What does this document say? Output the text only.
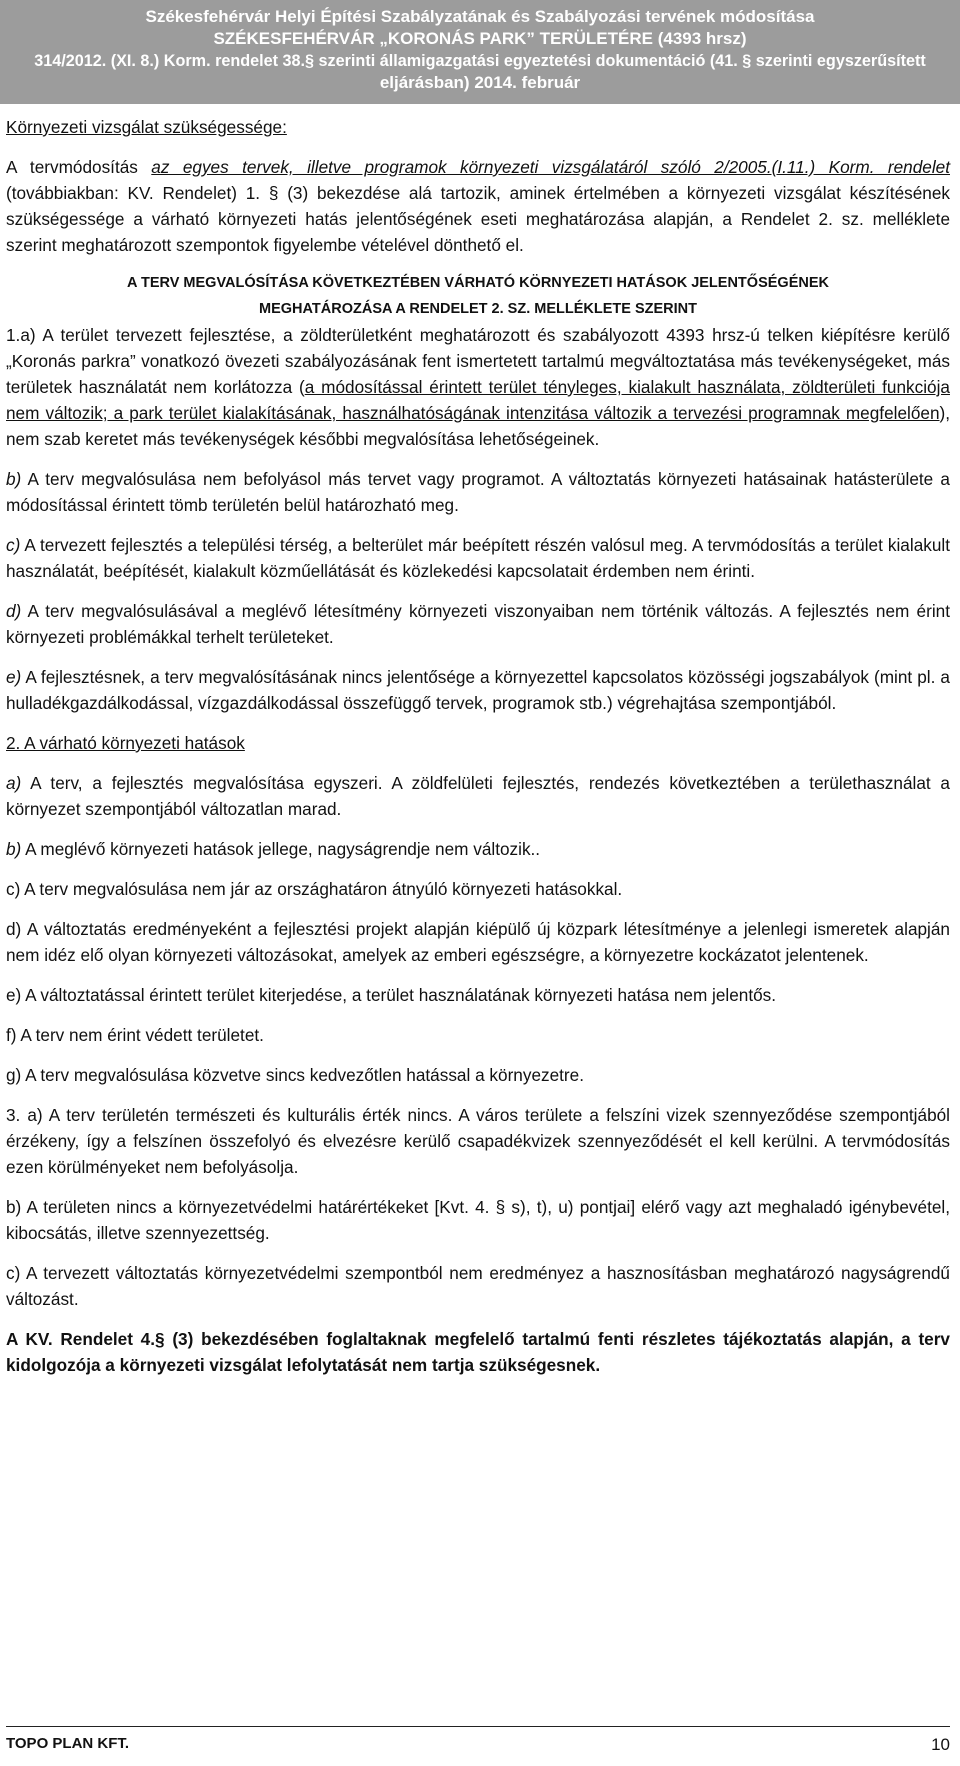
Székesfehérvár Helyi Építési Szabályzatának és Szabályozási tervének módosítása
SZÉKESFEHÉRVÁR „KORONÁS PARK” TERÜLETÉRE (4393 hrsz)
314/2012. (XI. 8.) Korm. rendelet 38.§ szerinti államigazgatási egyeztetési dokumentáció (41. § szerinti egyszerűsített
eljárásban) 2014. február

Környezeti vizsgálat szükségessége:

A tervmódosítás az egyes tervek, illetve programok környezeti vizsgálatáról szóló 2/2005.(I.11.) Korm. rendelet (továbbiakban: KV. Rendelet) 1. § (3) bekezdése alá tartozik, aminek értelmében a környezeti vizsgálat készítésének szükségessége a várható környezeti hatás jelentőségének eseti meghatározása alapján, a Rendelet 2. sz. melléklete szerint meghatározott szempontok figyelembe vételével dönthető el.

A TERV MEGVALÓSÍTÁSA KÖVETKEZTÉBEN VÁRHATÓ KÖRNYEZETI HATÁSOK JELENTŐSÉGÉNEK
MEGHATÁROZÁSA A RENDELET 2. SZ. MELLÉKLETE SZERINT

1.a) A terület tervezett fejlesztése, a zöldterületként meghatározott és szabályozott 4393 hrsz-ú telken kiépítésre kerülő „Koronás parkra” vonatkozó övezeti szabályozásának fent ismertetett tartalmú megváltoztatása más tevékenységeket, más területek használatát nem korlátozza (a módosítással érintett terület tényleges, kialakult használata, zöldterületi funkciója nem változik; a park terület kialakításának, használhatóságának intenzitása változik a tervezési programnak megfelelően), nem szab keretet más tevékenységek későbbi megvalósítása lehetőségeinek.

b) A terv megvalósulása nem befolyásol más tervet vagy programot. A változtatás környezeti hatásainak hatásterülete a módosítással érintett tömb területén belül határozható meg.

c) A tervezett fejlesztés a települési térség, a belterület már beépített részén valósul meg. A tervmódosítás a terület kialakult használatát, beépítését, kialakult közműellátását és közlekedési kapcsolatait érdemben nem érinti.

d) A terv megvalósulásával a meglévő létesítmény környezeti viszonyaiban nem történik változás. A fejlesztés nem érint környezeti problémákkal terhelt területeket.

e) A fejlesztésnek, a terv megvalósításának nincs jelentősége a környezettel kapcsolatos közösségi jogszabályok (mint pl. a hulladékgazdálkodással, vízgazdálkodással összefüggő tervek, programok stb.) végrehajtása szempontjából.

2. A várható környezeti hatások

a) A terv, a fejlesztés megvalósítása egyszeri. A zöldfelületi fejlesztés, rendezés következtében a területhasználat a környezet szempontjából változatlan marad.

b) A meglévő környezeti hatások jellege, nagyságrendje nem változik..

c) A terv megvalósulása nem jár az országhatáron átnyúló környezeti hatásokkal.

d) A változtatás eredményeként a fejlesztési projekt alapján kiépülő új közpark létesítménye a jelenlegi ismeretek alapján nem idéz elő olyan környezeti változásokat, amelyek az emberi egészségre, a környezetre kockázatot jelentenek.

e) A változtatással érintett terület kiterjedése, a terület használatának környezeti hatása nem jelentős.

f) A terv nem érint védett területet.

g) A terv megvalósulása közvetve sincs kedvezőtlen hatással a környezetre.

3. a) A terv területén természeti és kulturális érték nincs. A város területe a felszíni vizek szennyeződése szempontjából érzékeny, így a felszínen összefolyó és elvezésre kerülő csapadékvizek szennyeződését el kell kerülni. A tervmódosítás ezen körülményeket nem befolyásolja.

b) A területen nincs a környezetvédelmi határértékeket [Kvt. 4. § s), t), u) pontjai] elérő vagy azt meghaladó igénybevétel, kibocsátás, illetve szennyezettség.

c) A tervezett változtatás környezetvédelmi szempontból nem eredményez a hasznosításban meghatározó nagyságrendű változást.

A KV. Rendelet 4.§ (3) bekezdésében foglaltaknak megfelelő tartalmú fenti részletes tájékoztatás alapján, a terv kidolgozója a környezeti vizsgálat lefolytatását nem tartja szükségesnek.

TOPO PLAN KFT.	10
